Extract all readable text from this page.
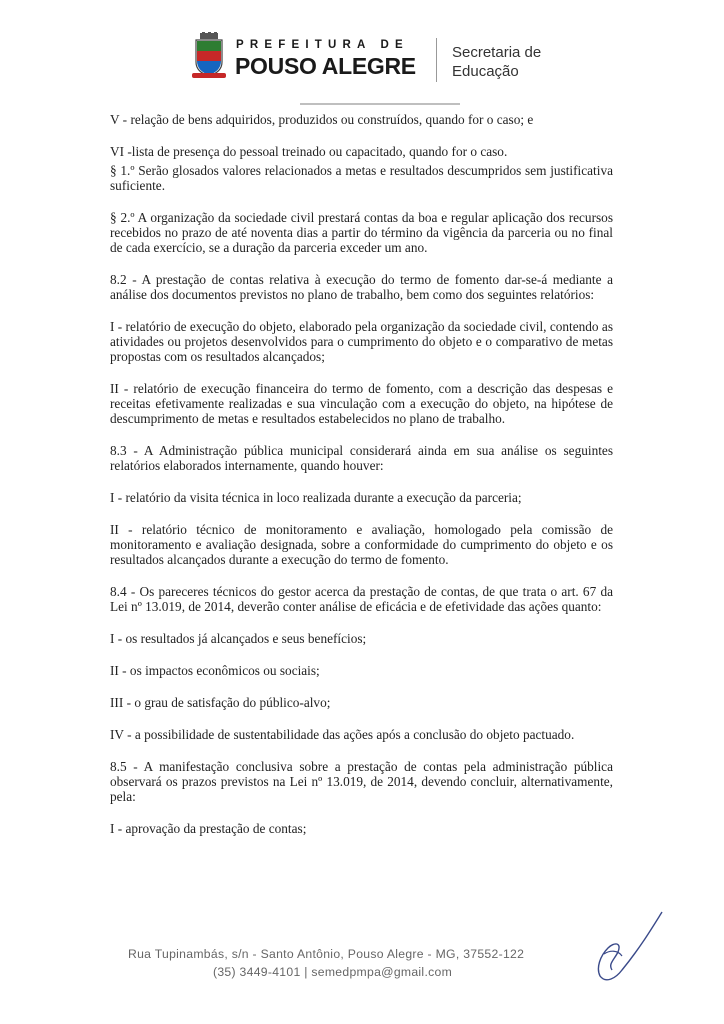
PREFEITURA DE
POUSO ALEGRE
Secretaria de
Educação

V - relação de bens adquiridos, produzidos ou construídos, quando for o caso; e

VI -lista de presença do pessoal treinado ou capacitado, quando for o caso.

§ 1.º Serão glosados valores relacionados a metas e resultados descumpridos sem justificativa suficiente.

§ 2.º A organização da sociedade civil prestará contas da boa e regular aplicação dos recursos recebidos no prazo de até noventa dias a partir do término da vigência da parceria ou no final de cada exercício, se a duração da parceria exceder um ano.

8.2 - A prestação de contas relativa à execução do termo de fomento dar-se-á mediante a análise dos documentos previstos no plano de trabalho, bem como dos seguintes relatórios:

I - relatório de execução do objeto, elaborado pela organização da sociedade civil, contendo as atividades ou projetos desenvolvidos para o cumprimento do objeto e o comparativo de metas propostas com os resultados alcançados;

II - relatório de execução financeira do termo de fomento, com a descrição das despesas e receitas efetivamente realizadas e sua vinculação com a execução do objeto, na hipótese de descumprimento de metas e resultados estabelecidos no plano de trabalho.

8.3 - A Administração pública municipal considerará ainda em sua análise os seguintes relatórios elaborados internamente, quando houver:

I - relatório da visita técnica in loco realizada durante a execução da parceria;

II - relatório técnico de monitoramento e avaliação, homologado pela comissão de monitoramento e avaliação designada, sobre a conformidade do cumprimento do objeto e os resultados alcançados durante a execução do termo de fomento.

8.4 - Os pareceres técnicos do gestor acerca da prestação de contas, de que trata o art. 67 da Lei nº 13.019, de 2014, deverão conter análise de eficácia e de efetividade das ações quanto:

I - os resultados já alcançados e seus benefícios;

II - os impactos econômicos ou sociais;

III - o grau de satisfação do público-alvo;

IV - a possibilidade de sustentabilidade das ações após a conclusão do objeto pactuado.

8.5 - A manifestação conclusiva sobre a prestação de contas pela administração pública observará os prazos previstos na Lei nº 13.019, de 2014, devendo concluir, alternativamente, pela:

I - aprovação da prestação de contas;

Rua Tupinambás, s/n - Santo Antônio, Pouso Alegre - MG, 37552-122
(35) 3449-4101 | semedpmpa@gmail.com
